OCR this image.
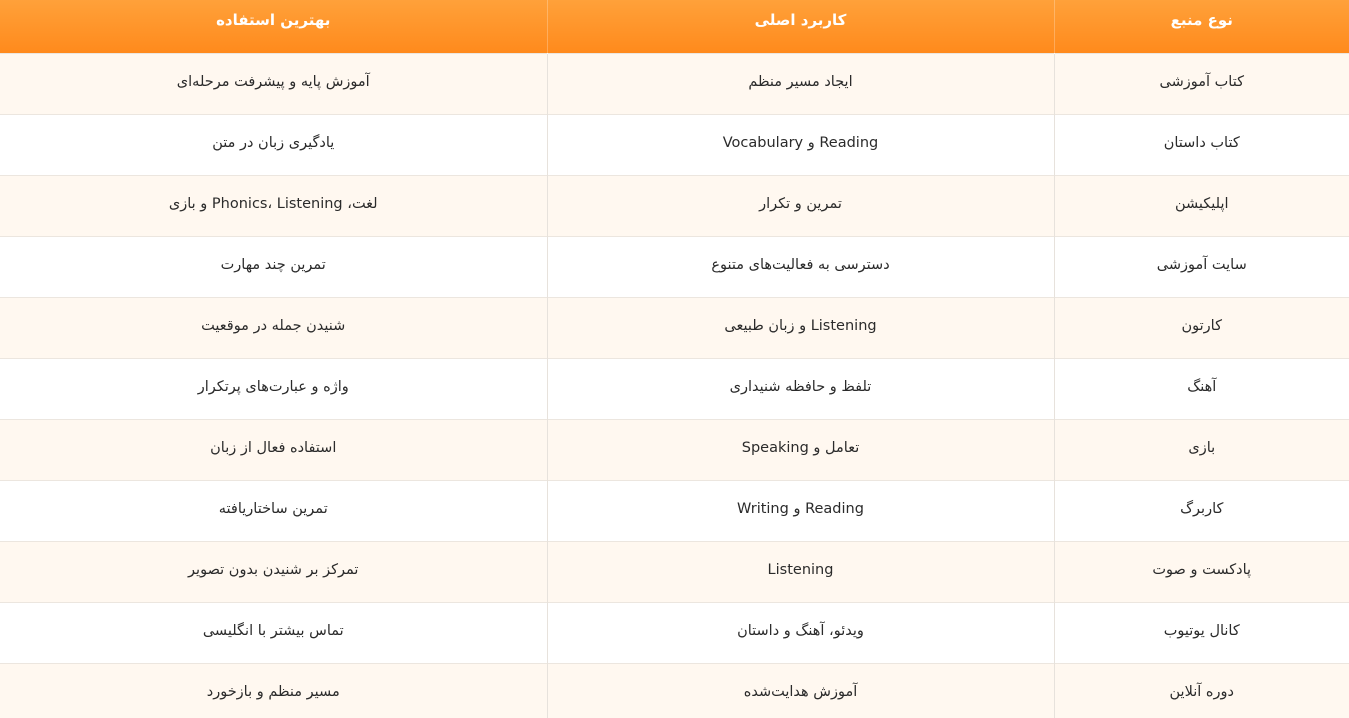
نوع منبع	کاربرد اصلی	بهترین استفاده
کتاب آموزشی	ایجاد مسیر منظم	آموزش پایه و پیشرفت مرحله‌ای
کتاب داستان	Reading و Vocabulary	یادگیری زبان در متن
اپلیکیشن	تمرین و تکرار	لغت، Phonics، Listening و بازی
سایت آموزشی	دسترسی به فعالیت‌های متنوع	تمرین چند مهارت
کارتون	Listening و زبان طبیعی	شنیدن جمله در موقعیت
آهنگ	تلفظ و حافظه شنیداری	واژه و عبارت‌های پرتکرار
بازی	تعامل و Speaking	استفاده فعال از زبان
کاربرگ	Reading و Writing	تمرین ساختاریافته
پادکست و صوت	Listening	تمرکز بر شنیدن بدون تصویر
کانال یوتیوب	ویدئو، آهنگ و داستان	تماس بیشتر با انگلیسی
دوره آنلاین	آموزش هدایت‌شده	مسیر منظم و بازخورد
